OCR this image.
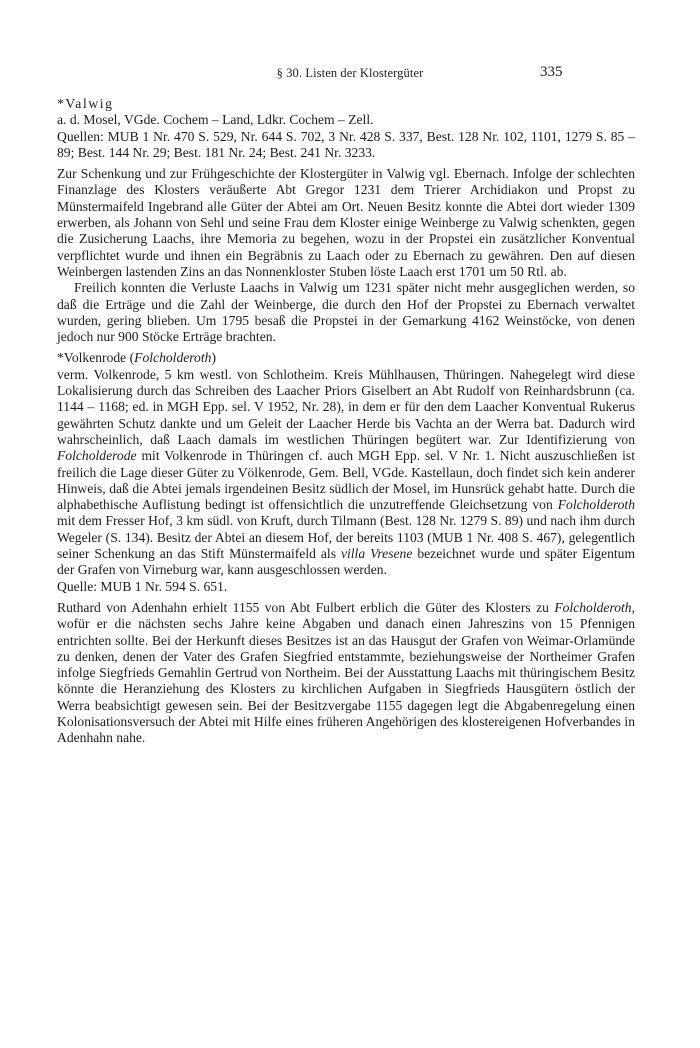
§ 30. Listen der Klostergüter	335

*Valwig

a. d. Mosel, VGde. Cochem – Land, Ldkr. Cochem – Zell.

Quellen: MUB 1 Nr. 470 S. 529, Nr. 644 S. 702, 3 Nr. 428 S. 337, Best. 128 Nr. 102, 1101, 1279 S. 85 – 89; Best. 144 Nr. 29; Best. 181 Nr. 24; Best. 241 Nr. 3233.

Zur Schenkung und zur Frühgeschichte der Klostergüter in Valwig vgl. Ebernach. Infolge der schlechten Finanzlage des Klosters veräußerte Abt Gregor 1231 dem Trierer Archidiakon und Propst zu Münstermaifeld Ingebrand alle Güter der Abtei am Ort. Neuen Besitz konnte die Abtei dort wieder 1309 erwerben, als Johann von Sehl und seine Frau dem Kloster einige Weinberge zu Valwig schenkten, gegen die Zusicherung Laachs, ihre Memoria zu begehen, wozu in der Propstei ein zusätzlicher Konventual verpflichtet wurde und ihnen ein Begräbnis zu Laach oder zu Ebernach zu gewähren. Den auf diesen Weinbergen lastenden Zins an das Nonnenkloster Stuben löste Laach erst 1701 um 50 Rtl. ab.

Freilich konnten die Verluste Laachs in Valwig um 1231 später nicht mehr ausgeglichen werden, so daß die Erträge und die Zahl der Weinberge, die durch den Hof der Propstei zu Ebernach verwaltet wurden, gering blieben. Um 1795 besaß die Propstei in der Gemarkung 4162 Weinstöcke, von denen jedoch nur 900 Stöcke Erträge brachten.

*Volkenrode (Folcholderoth)

verm. Volkenrode, 5 km westl. von Schlotheim. Kreis Mühlhausen, Thüringen. Nahegelegt wird diese Lokalisierung durch das Schreiben des Laacher Priors Giselbert an Abt Rudolf von Reinhardsbrunn (ca. 1144 – 1168; ed. in MGH Epp. sel. V 1952, Nr. 28), in dem er für den dem Laacher Konventual Rukerus gewährten Schutz dankte und um Geleit der Laacher Herde bis Vachta an der Werra bat. Dadurch wird wahrscheinlich, daß Laach damals im westlichen Thüringen begütert war. Zur Identifizierung von Folcholderode mit Volkenrode in Thüringen cf. auch MGH Epp. sel. V Nr. 1. Nicht auszuschließen ist freilich die Lage dieser Güter zu Völkenrode, Gem. Bell, VGde. Kastellaun, doch findet sich kein anderer Hinweis, daß die Abtei jemals irgendeinen Besitz südlich der Mosel, im Hunsrück gehabt hatte. Durch die alphabethische Auflistung bedingt ist offensichtlich die unzutreffende Gleichsetzung von Folcholderoth mit dem Fresser Hof, 3 km südl. von Kruft, durch Tilmann (Best. 128 Nr. 1279 S. 89) und nach ihm durch Wegeler (S. 134). Besitz der Abtei an diesem Hof, der bereits 1103 (MUB 1 Nr. 408 S. 467), gelegentlich seiner Schenkung an das Stift Münstermaifeld als villa Vresene bezeichnet wurde und später Eigentum der Grafen von Virneburg war, kann ausgeschlossen werden.

Quelle: MUB 1 Nr. 594 S. 651.

Ruthard von Adenhahn erhielt 1155 von Abt Fulbert erblich die Güter des Klosters zu Folcholderoth, wofür er die nächsten sechs Jahre keine Abgaben und danach einen Jahreszins von 15 Pfennigen entrichten sollte. Bei der Herkunft dieses Besitzes ist an das Hausgut der Grafen von Weimar-Orlamünde zu denken, denen der Vater des Grafen Siegfried entstammte, beziehungsweise der Northeimer Grafen infolge Siegfrieds Gemahlin Gertrud von Northeim. Bei der Ausstattung Laachs mit thüringischem Besitz könnte die Heranziehung des Klosters zu kirchlichen Aufgaben in Siegfrieds Hausgütern östlich der Werra beabsichtigt gewesen sein. Bei der Besitzvergabe 1155 dagegen legt die Abgabenregelung einen Kolonisationsversuch der Abtei mit Hilfe eines früheren Angehörigen des klostereigenen Hofverbandes in Adenhahn nahe.
